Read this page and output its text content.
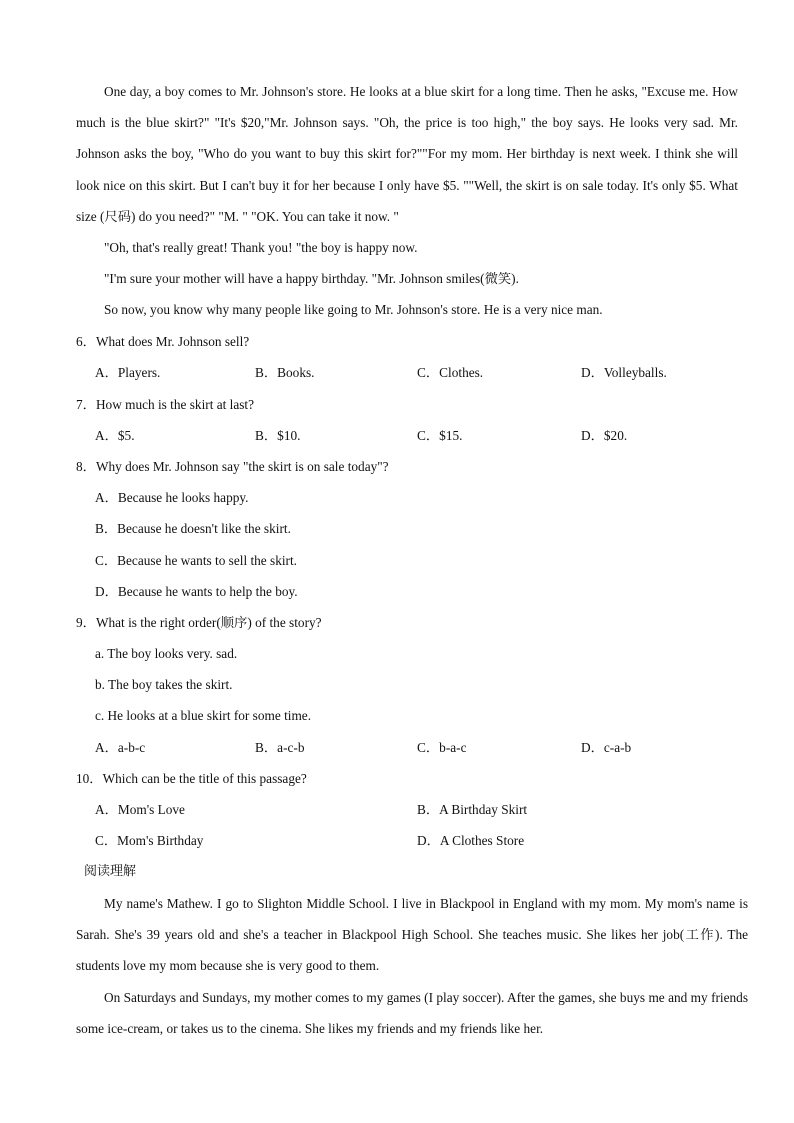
One day, a boy comes to Mr. Johnson's store. He looks at a blue skirt for a long time. Then he asks, "Excuse me. How much is the blue skirt?" "It's $20,"Mr. Johnson says. "Oh, the price is too high," the boy says. He looks very sad. Mr. Johnson asks the boy, "Who do you want to buy this skirt for?""For my mom. Her birthday is next week. I think she will look nice on this skirt. But I can't buy it for her because I only have $5. ""Well, the skirt is on sale today. It's only $5. What size (尺码) do you need?" "M. " "OK. You can take it now. "

"Oh, that's really great! Thank you! "the boy is happy now.

"I'm sure your mother will have a happy birthday. "Mr. Johnson smiles(微笑).

So now, you know why many people like going to Mr. Johnson's store. He is a very nice man.

6．What does Mr. Johnson sell?
A．Players.	B．Books.	C．Clothes.	D．Volleyballs.
7．How much is the skirt at last?
A．$5.	B．$10.	C．$15.	D．$20.
8．Why does Mr. Johnson say "the skirt is on sale today"?
A．Because he looks happy.
B．Because he doesn't like the skirt.
C．Because he wants to sell the skirt.
D．Because he wants to help the boy.
9．What is the right order(顺序) of the story?
a. The boy looks very. sad.
b. The boy takes the skirt.
c. He looks at a blue skirt for some time.
A．a-b-c	B．a-c-b	C．b-a-c	D．c-a-b
10．Which can be the title of this passage?
A．Mom's Love	B．A Birthday Skirt
C．Mom's Birthday	D．A Clothes Store
阅读理解

My name's Mathew. I go to Slighton Middle School. I live in Blackpool in England with my mom. My mom's name is Sarah. She's 39 years old and she's a teacher in Blackpool High School. She teaches music. She likes her job(工作). The students love my mom because she is very good to them.

On Saturdays and Sundays, my mother comes to my games (I play soccer). After the games, she buys me and my friends some ice-cream, or takes us to the cinema. She likes my friends and my friends like her.
